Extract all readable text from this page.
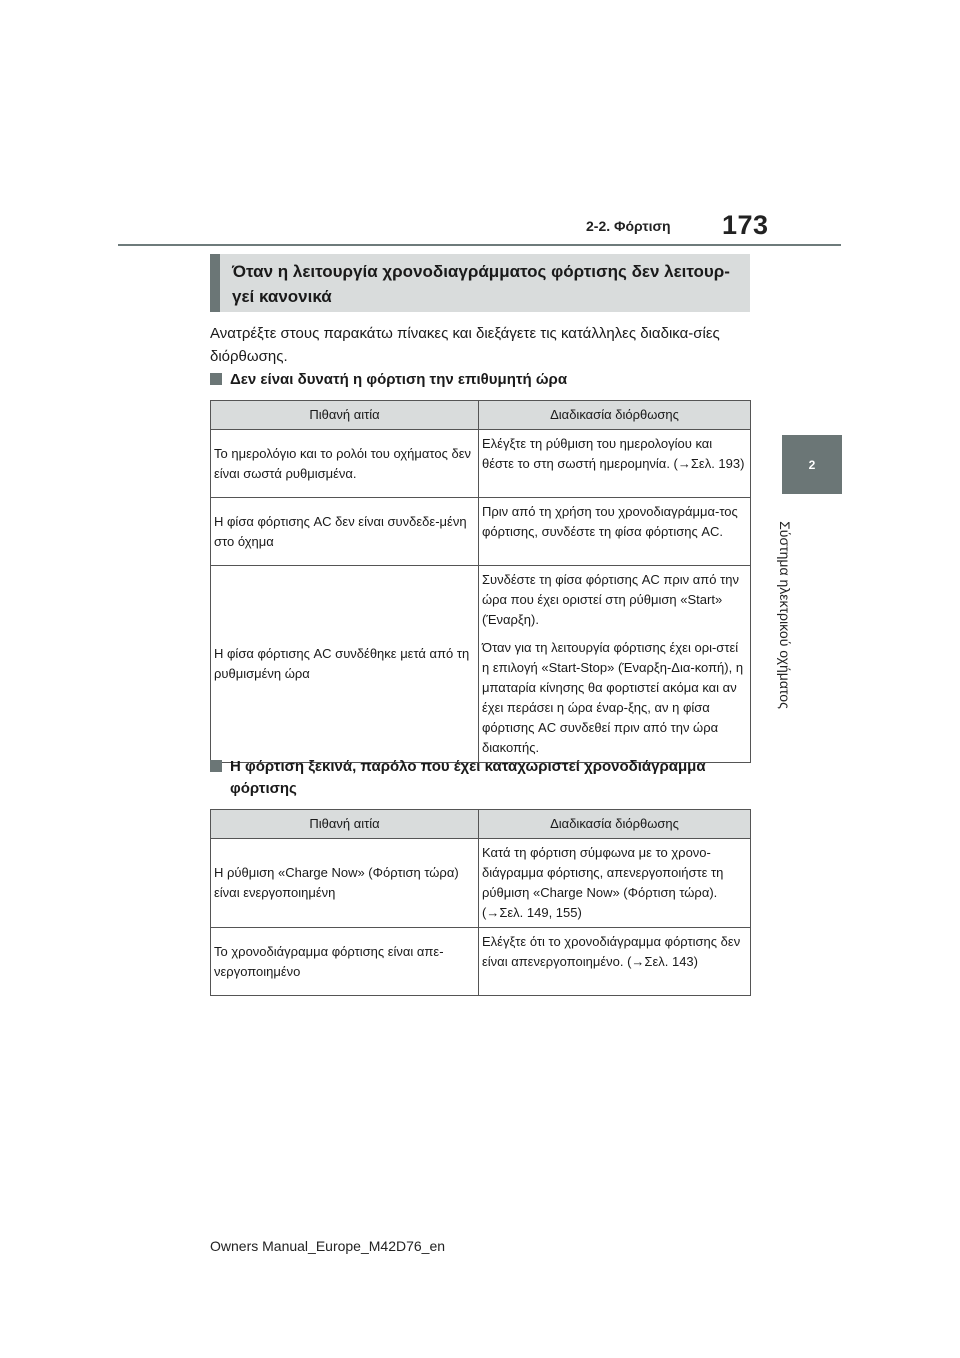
2-2. Φόρτιση 173
2
Σύστημα ηλεκτρικού οχήματος
Όταν η λειτουργία χρονοδιαγράμματος φόρτισης δεν λειτουρ-γεί κανονικά
Ανατρέξτε στους παρακάτω πίνακες και διεξάγετε τις κατάλληλες διαδικα-σίες διόρθωσης.
Δεν είναι δυνατή η φόρτιση την επιθυμητή ώρα
Πιθανή αιτία	Διαδικασία διόρθωσης
Το ημερολόγιο και το ρολόι του οχήματος δεν είναι σωστά ρυθμισμένα.	Ελέγξτε τη ρύθμιση του ημερολογίου και θέστε το στη σωστή ημερομηνία. (→Σελ. 193)

Η φίσα φόρτισης AC δεν είναι συνδεδε-μένη στο όχημα	Πριν από τη χρήση του χρονοδιαγράμμα-τος φόρτισης, συνδέστε τη φίσα φόρτισης AC.

Η φίσα φόρτισης AC συνδέθηκε μετά από τη ρυθμισμένη ώρα	Συνδέστε τη φίσα φόρτισης AC πριν από την ώρα που έχει οριστεί στη ρύθμιση «Start» (Έναρξη).
Όταν για τη λειτουργία φόρτισης έχει ορι-στεί η επιλογή «Start-Stop» (Έναρξη-Δια-κοπή), η μπαταρία κίνησης θα φορτιστεί ακόμα και αν έχει περάσει η ώρα έναρ-ξης, αν η φίσα φόρτισης AC συνδεθεί πριν από την ώρα διακοπής.
Η φόρτιση ξεκινά, παρόλο που έχει καταχωριστεί χρονοδιάγραμμα φόρτισης
Πιθανή αιτία	Διαδικασία διόρθωσης
Η ρύθμιση «Charge Now» (Φόρτιση τώρα) είναι ενεργοποιημένη	Κατά τη φόρτιση σύμφωνα με το χρονο-διάγραμμα φόρτισης, απενεργοποιήστε τη ρύθμιση «Charge Now» (Φόρτιση τώρα). (→Σελ. 149, 155)

Το χρονοδιάγραμμα φόρτισης είναι απε-νεργοποιημένο	Ελέγξτε ότι το χρονοδιάγραμμα φόρτισης δεν είναι απενεργοποιημένο. (→Σελ. 143)
Owners Manual_Europe_M42D76_en
